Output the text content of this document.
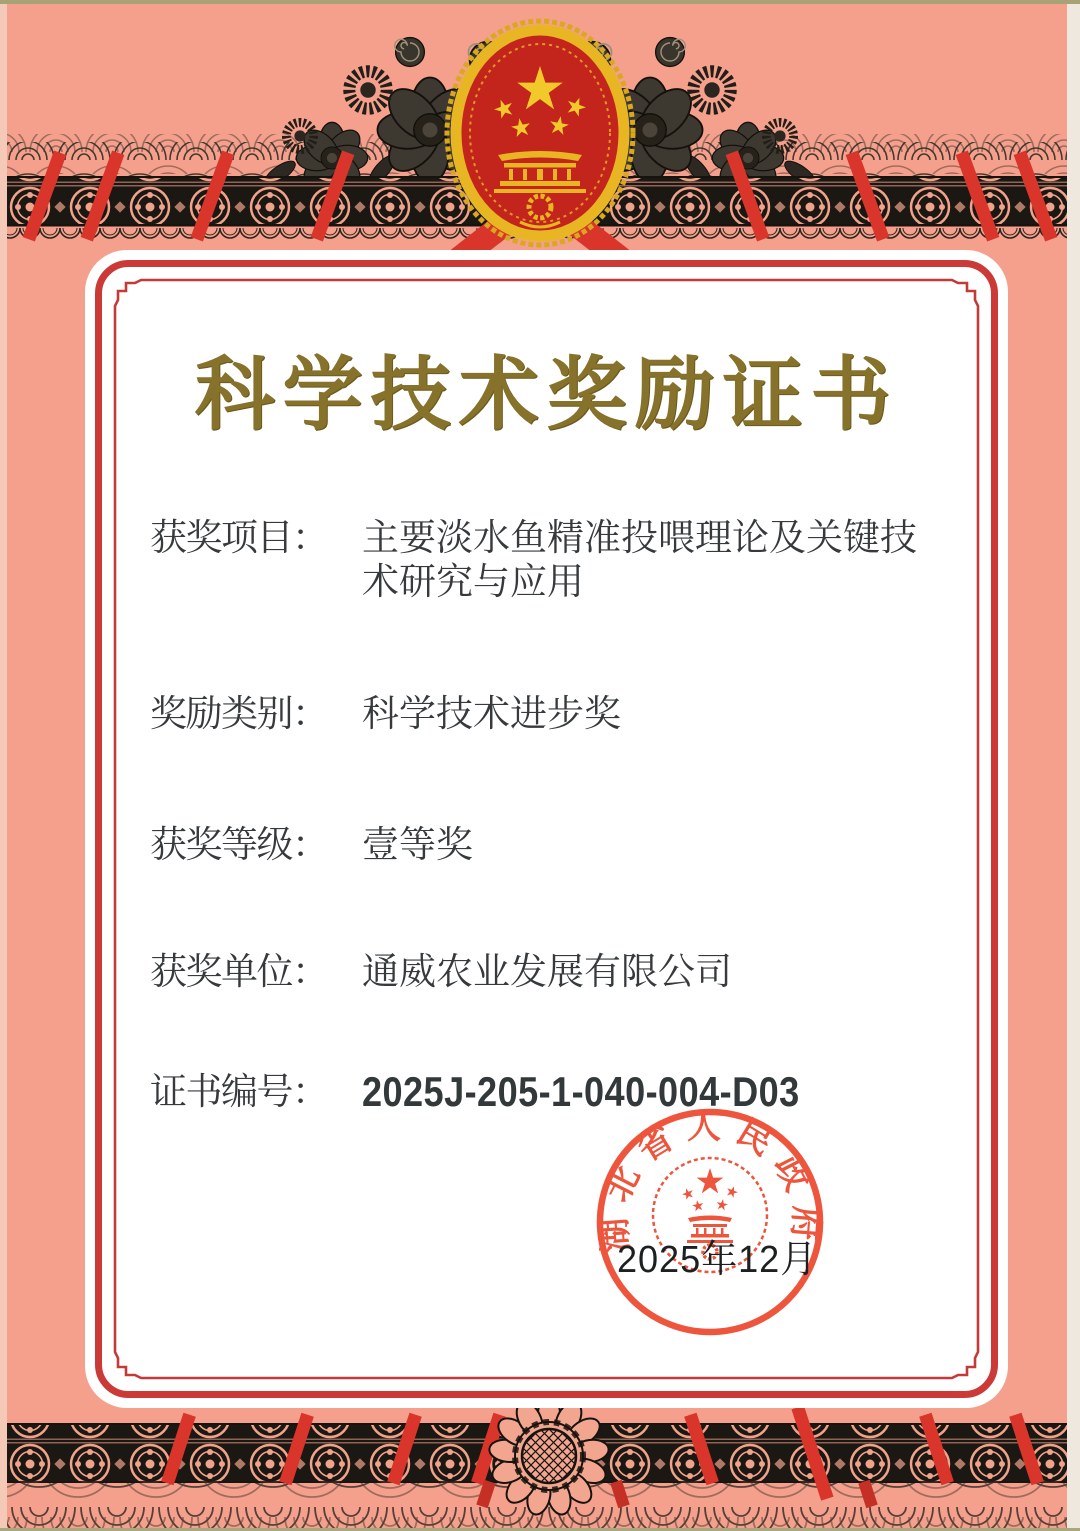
科学技术奖励证书
获奖项目： 主要淡水鱼精准投喂理论及关键技术研究与应用
奖励类别： 科学技术进步奖
获奖等级： 壹等奖
获奖单位： 通威农业发展有限公司
证书编号： 2025J-205-1-040-004-D03
湖北省人民政府
2025年12月
